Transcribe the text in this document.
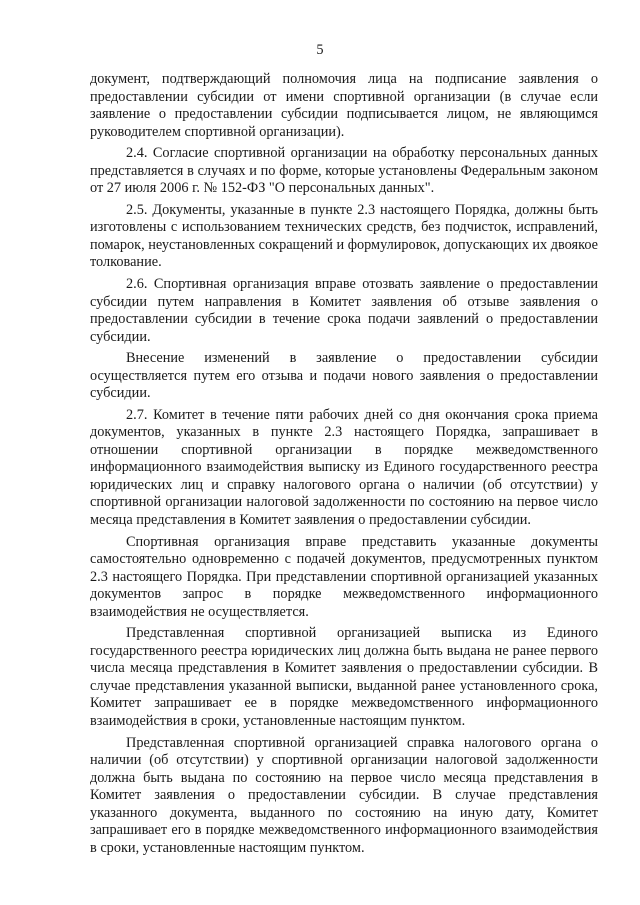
5

документ, подтверждающий полномочия лица на подписание заявления о предоставлении субсидии от имени спортивной организации (в случае если заявление о предоставлении субсидии подписывается лицом, не являющимся руководителем спортивной организации).

2.4. Согласие спортивной организации на обработку персональных данных представляется в случаях и по форме, которые установлены Федеральным законом от 27 июля 2006 г. № 152-ФЗ "О персональных данных".

2.5. Документы, указанные в пункте 2.3 настоящего Порядка, должны быть изготовлены с использованием технических средств, без подчисток, исправлений, помарок, неустановленных сокращений и формулировок, допускающих их двоякое толкование.

2.6. Спортивная организация вправе отозвать заявление о предоставлении субсидии путем направления в Комитет заявления об отзыве заявления о предоставлении субсидии в течение срока подачи заявлений о предоставлении субсидии.

Внесение изменений в заявление о предоставлении субсидии осуществляется путем его отзыва и подачи нового заявления о предоставлении субсидии.

2.7. Комитет в течение пяти рабочих дней со дня окончания срока приема документов, указанных в пункте 2.3 настоящего Порядка, запрашивает в отношении спортивной организации в порядке межведомственного информационного взаимодействия выписку из Единого государственного реестра юридических лиц и справку налогового органа о наличии (об отсутствии) у спортивной организации налоговой задолженности по состоянию на первое число месяца представления в Комитет заявления о предоставлении субсидии.

Спортивная организация вправе представить указанные документы самостоятельно одновременно с подачей документов, предусмотренных пунктом 2.3 настоящего Порядка. При представлении спортивной организацией указанных документов запрос в порядке межведомственного информационного взаимодействия не осуществляется.

Представленная спортивной организацией выписка из Единого государственного реестра юридических лиц должна быть выдана не ранее первого числа месяца представления в Комитет заявления о предоставлении субсидии. В случае представления указанной выписки, выданной ранее установленного срока, Комитет запрашивает ее в порядке межведомственного информационного взаимодействия в сроки, установленные настоящим пунктом.

Представленная спортивной организацией справка налогового органа о наличии (об отсутствии) у спортивной организации налоговой задолженности должна быть выдана по состоянию на первое число месяца представления в Комитет заявления о предоставлении субсидии. В случае представления указанного документа, выданного по состоянию на иную дату, Комитет запрашивает его в порядке межведомственного информационного взаимодействия в сроки, установленные настоящим пунктом.
